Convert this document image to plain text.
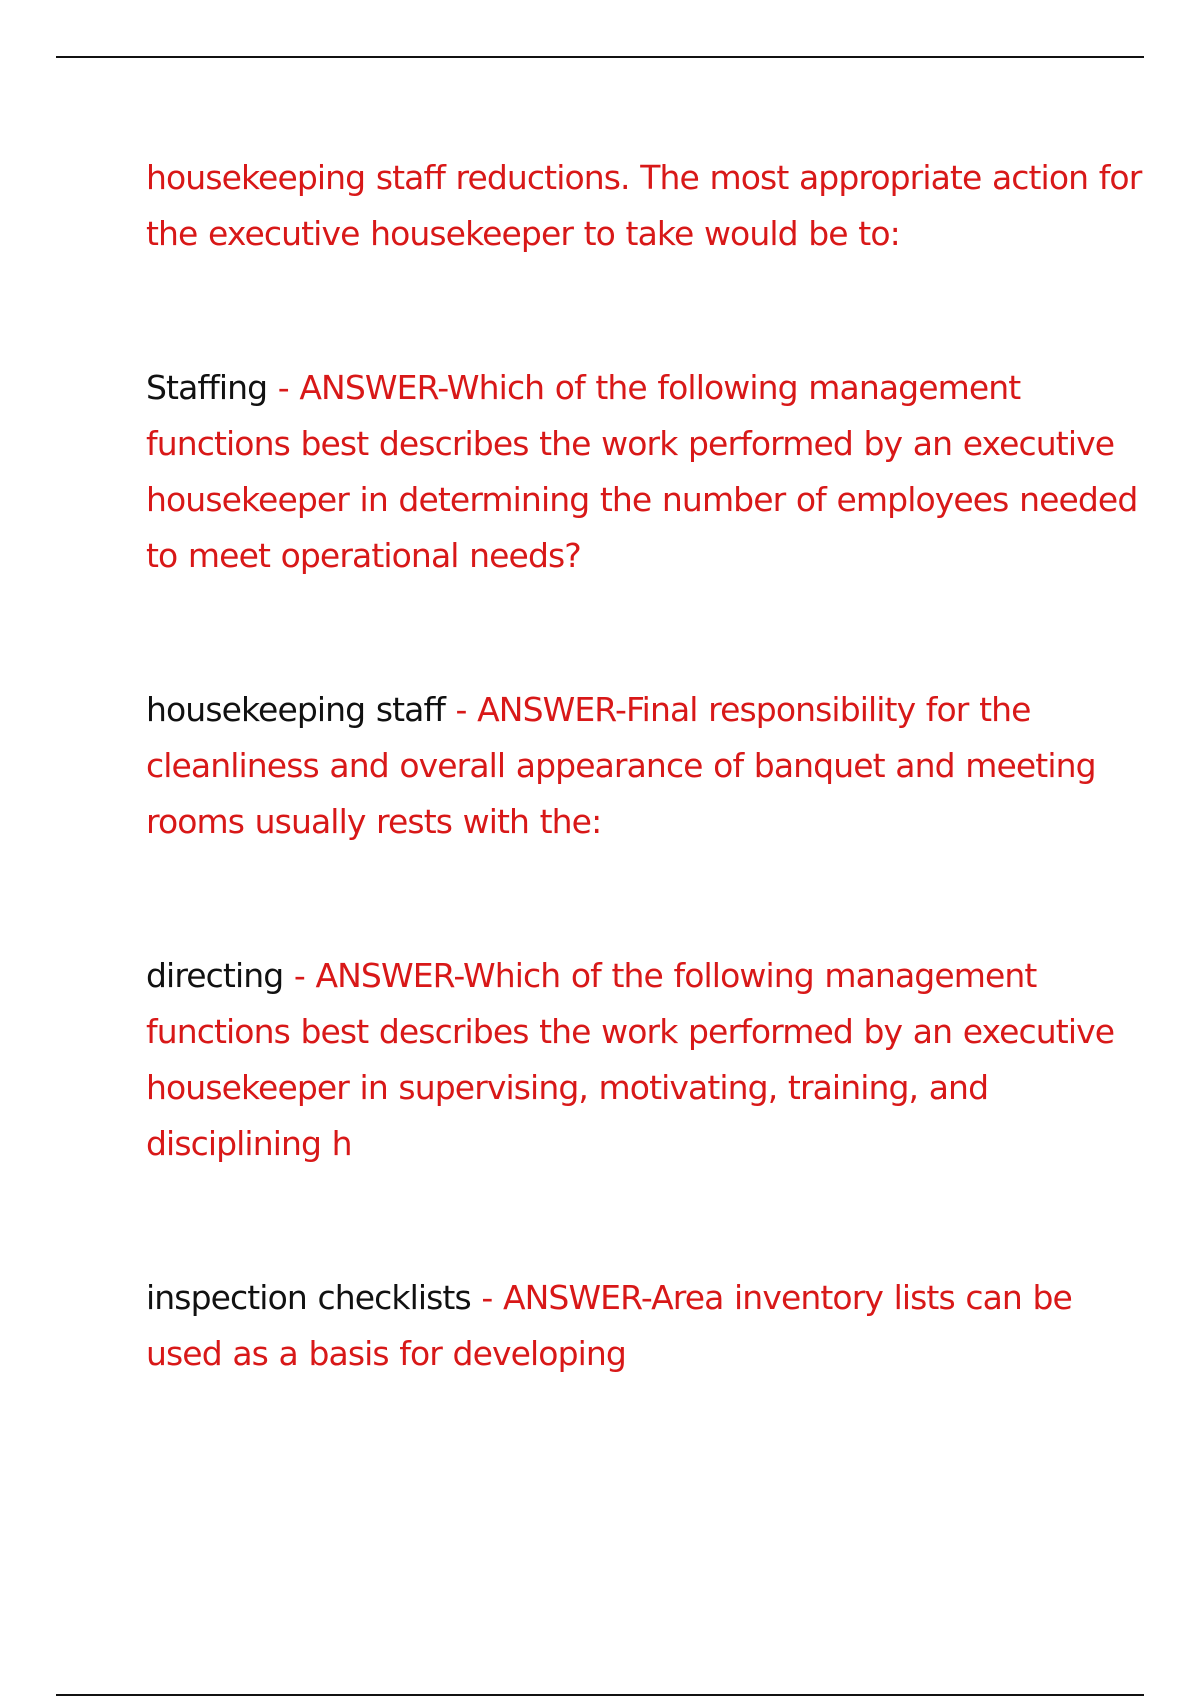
housekeeping staff reductions. The most appropriate action for the executive housekeeper to take would be to:

Staffing - ANSWER-Which of the following management functions best describes the work performed by an executive housekeeper in determining the number of employees needed to meet operational needs?

housekeeping staff - ANSWER-Final responsibility for the cleanliness and overall appearance of banquet and meeting rooms usually rests with the:

directing - ANSWER-Which of the following management functions best describes the work performed by an executive housekeeper in supervising, motivating, training, and disciplining h

inspection checklists - ANSWER-Area inventory lists can be used as a basis for developing
